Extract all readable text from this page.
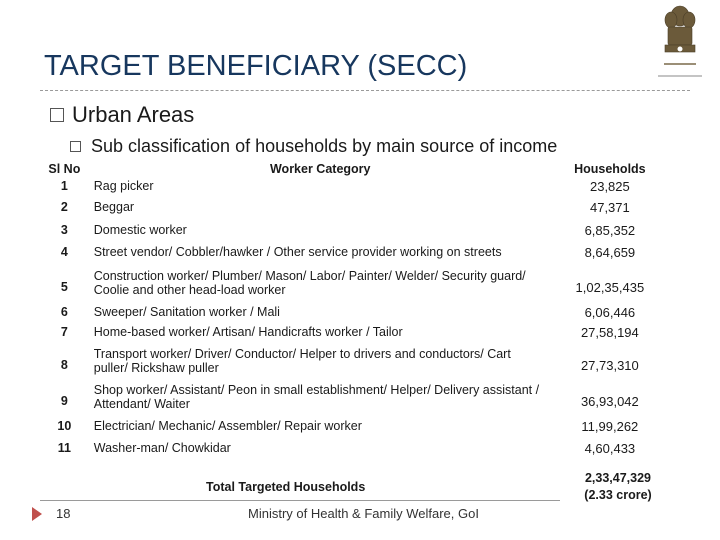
TARGET BENEFICIARY (SECC)
Urban Areas
Sub classification of households by main source of income
Sl No	Worker Category	Households
1	Rag picker	23,825
2	Beggar	47,371
3	Domestic worker	6,85,352
4	Street vendor/ Cobbler/hawker / Other service provider working on streets	8,64,659
5	Construction worker/ Plumber/ Mason/ Labor/ Painter/ Welder/ Security guard/ Coolie and other head-load worker	1,02,35,435
6	Sweeper/ Sanitation worker / Mali	6,06,446
7	Home-based worker/ Artisan/ Handicrafts worker / Tailor	27,58,194
8	Transport worker/ Driver/ Conductor/ Helper to drivers and conductors/ Cart puller/ Rickshaw puller	27,73,310
9	Shop worker/ Assistant/ Peon in small establishment/ Helper/ Delivery assistant / Attendant/ Waiter	36,93,042
10	Electrician/ Mechanic/ Assembler/ Repair worker	11,99,262
11	Washer-man/ Chowkidar	4,60,433
Total Targeted Households
2,33,47,329
(2.33 crore)
18	Ministry of Health & Family Welfare, GoI
